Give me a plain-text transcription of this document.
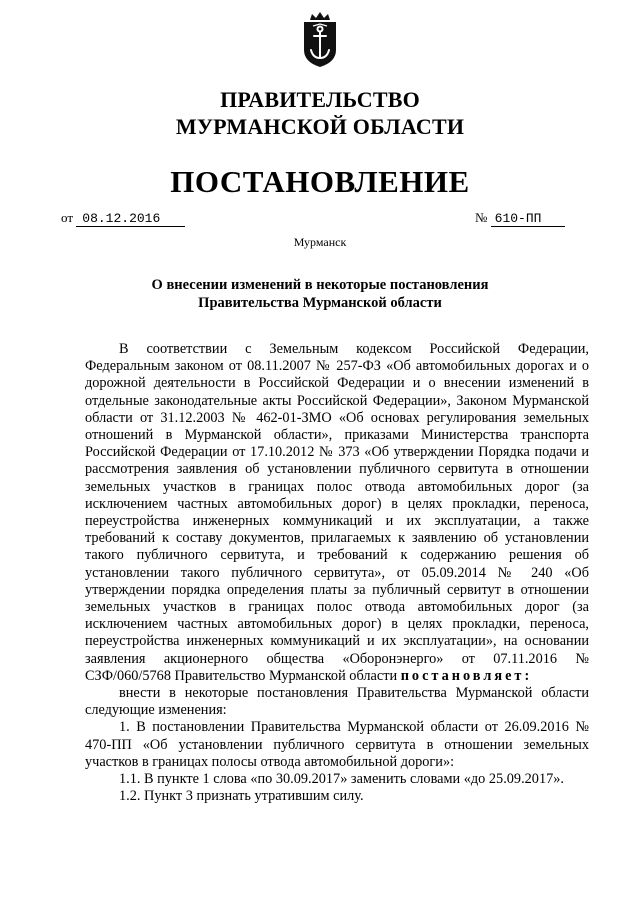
ПРАВИТЕЛЬСТВО
МУРМАНСКОЙ ОБЛАСТИ
ПОСТАНОВЛЕНИЕ
от 08.12.2016	№ 610-ПП
Мурманск
О внесении изменений в некоторые постановления
Правительства Мурманской области

В соответствии с Земельным кодексом Российской Федерации, Федеральным законом от 08.11.2007 № 257-ФЗ «Об автомобильных дорогах и о дорожной деятельности в Российской Федерации и о внесении изменений в отдельные законодательные акты Российской Федерации», Законом Мурманской области от 31.12.2003 № 462-01-ЗМО «Об основах регулирования земельных отношений в Мурманской области», приказами Министерства транспорта Российской Федерации от 17.10.2012 № 373 «Об утверждении Порядка подачи и рассмотрения заявления об установлении публичного сервитута в отношении земельных участков в границах полос отвода автомобильных дорог (за исключением частных автомобильных дорог) в целях прокладки, переноса, переустройства инженерных коммуникаций и их эксплуатации, а также требований к составу документов, прилагаемых к заявлению об установлении такого публичного сервитута, и требований к содержанию решения об установлении такого публичного сервитута», от 05.09.2014 № 240 «Об утверждении порядка определения платы за публичный сервитут в отношении земельных участков в границах полос отвода автомобильных дорог (за исключением частных автомобильных дорог) в целях прокладки, переноса, переустройства инженерных коммуникаций и их эксплуатации», на основании заявления акционерного общества «Оборонэнерго» от 07.11.2016 № СЗФ/060/5768 Правительство Мурманской области постановляет:

внести в некоторые постановления Правительства Мурманской области следующие изменения:

1. В постановлении Правительства Мурманской области от 26.09.2016 № 470-ПП «Об установлении публичного сервитута в отношении земельных участков в границах полосы отвода автомобильной дороги»:

1.1. В пункте 1 слова «по 30.09.2017» заменить словами «до 25.09.2017».

1.2. Пункт 3 признать утратившим силу.
